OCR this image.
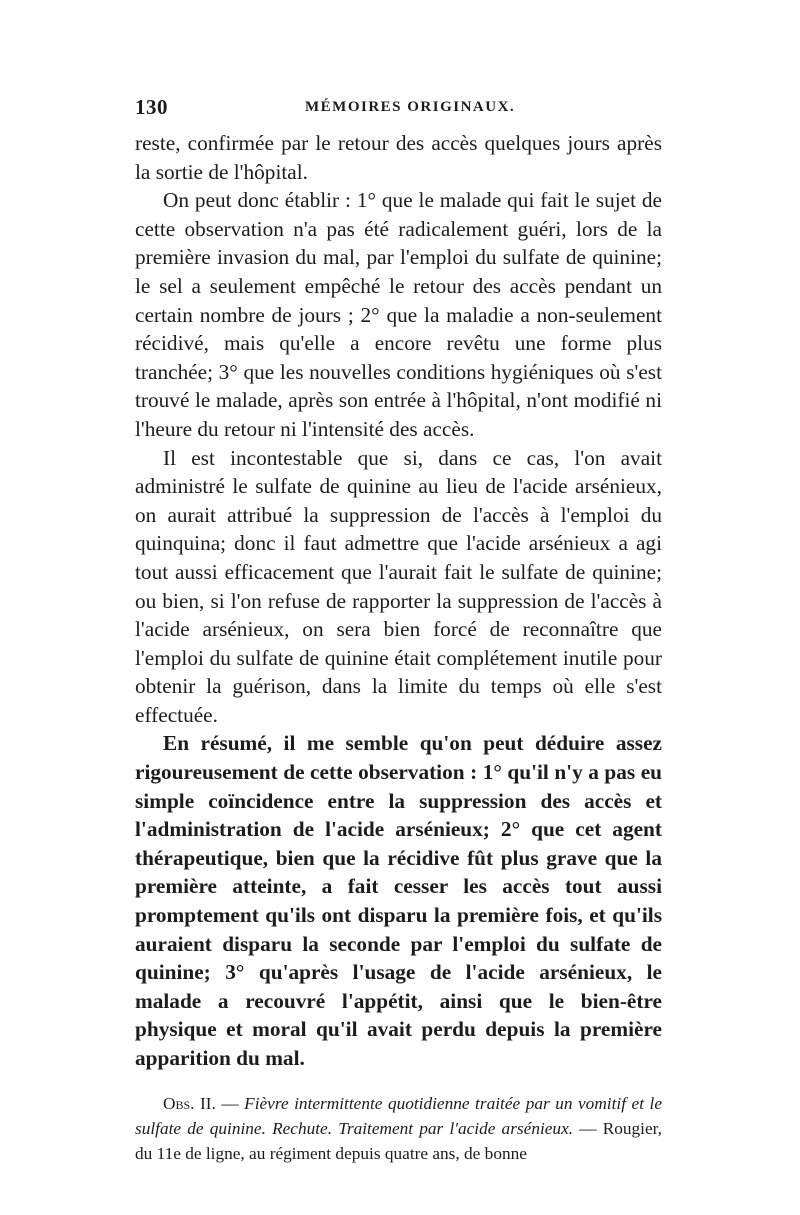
130	MÉMOIRES ORIGINAUX.

reste, confirmée par le retour des accès quelques jours après la sortie de l'hôpital.

On peut donc établir : 1° que le malade qui fait le sujet de cette observation n'a pas été radicalement guéri, lors de la première invasion du mal, par l'emploi du sulfate de quinine; le sel a seulement empêché le retour des accès pendant un certain nombre de jours ; 2° que la maladie a non-seulement récidivé, mais qu'elle a encore revêtu une forme plus tranchée; 3° que les nouvelles conditions hygiéniques où s'est trouvé le malade, après son entrée à l'hôpital, n'ont modifié ni l'heure du retour ni l'intensité des accès.

Il est incontestable que si, dans ce cas, l'on avait administré le sulfate de quinine au lieu de l'acide arsénieux, on aurait attribué la suppression de l'accès à l'emploi du quinquina; donc il faut admettre que l'acide arsénieux a agi tout aussi efficacement que l'aurait fait le sulfate de quinine; ou bien, si l'on refuse de rapporter la suppression de l'accès à l'acide arsénieux, on sera bien forcé de reconnaître que l'emploi du sulfate de quinine était complétement inutile pour obtenir la guérison, dans la limite du temps où elle s'est effectuée.

En résumé, il me semble qu'on peut déduire assez rigoureusement de cette observation : 1° qu'il n'y a pas eu simple coïncidence entre la suppression des accès et l'administration de l'acide arsénieux; 2° que cet agent thérapeutique, bien que la récidive fût plus grave que la première atteinte, a fait cesser les accès tout aussi promptement qu'ils ont disparu la première fois, et qu'ils auraient disparu la seconde par l'emploi du sulfate de quinine; 3° qu'après l'usage de l'acide arsénieux, le malade a recouvré l'appétit, ainsi que le bien-être physique et moral qu'il avait perdu depuis la première apparition du mal.

Obs. II. — Fièvre intermittente quotidienne traitée par un vomitif et le sulfate de quinine. Rechute. Traitement par l'acide arsénieux. — Rougier, du 11e de ligne, au régiment depuis quatre ans, de bonne
